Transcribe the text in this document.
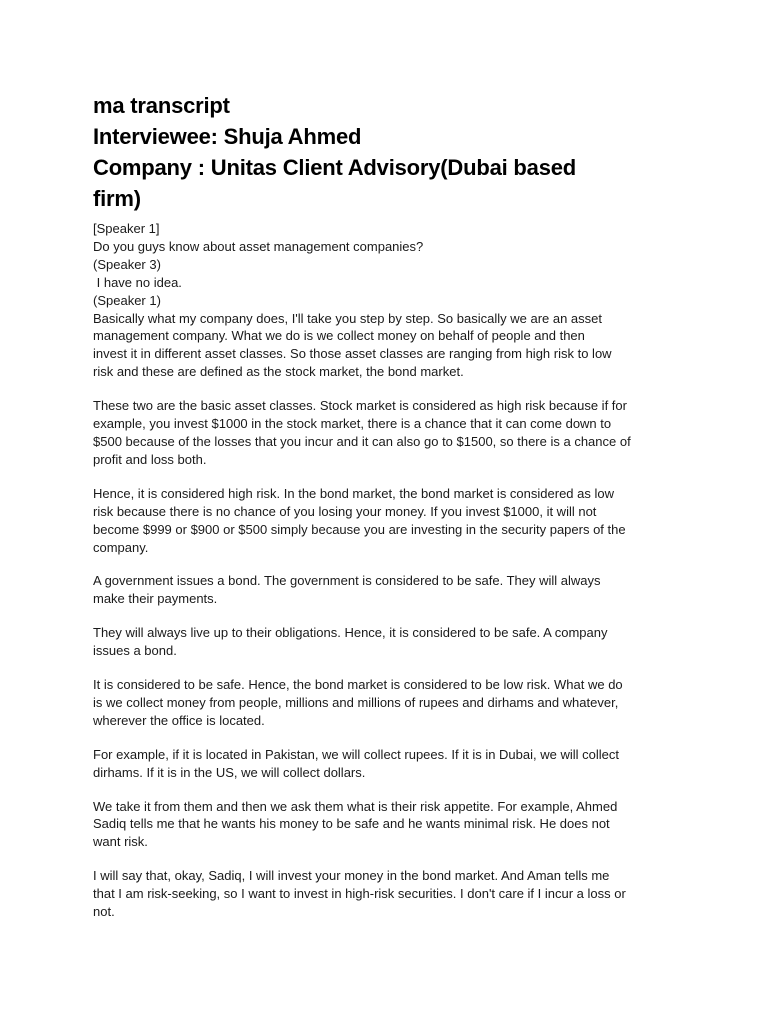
ma transcript
Interviewee: Shuja Ahmed
Company : Unitas Client Advisory(Dubai based
firm)
[Speaker 1]
Do you guys know about asset management companies?
(Speaker 3)
I have no idea.
(Speaker 1)
Basically what my company does, I'll take you step by step. So basically we are an asset
management company. What we do is we collect money on behalf of people and then
invest it in different asset classes. So those asset classes are ranging from high risk to low
risk and these are defined as the stock market, the bond market.
These two are the basic asset classes. Stock market is considered as high risk because if for
example, you invest $1000 in the stock market, there is a chance that it can come down to
$500 because of the losses that you incur and it can also go to $1500, so there is a chance of
profit and loss both.
Hence, it is considered high risk. In the bond market, the bond market is considered as low
risk because there is no chance of you losing your money. If you invest $1000, it will not
become $999 or $900 or $500 simply because you are investing in the security papers of the
company.
A government issues a bond. The government is considered to be safe. They will always
make their payments.
They will always live up to their obligations. Hence, it is considered to be safe. A company
issues a bond.
It is considered to be safe. Hence, the bond market is considered to be low risk. What we do
is we collect money from people, millions and millions of rupees and dirhams and whatever,
wherever the office is located.
For example, if it is located in Pakistan, we will collect rupees. If it is in Dubai, we will collect
dirhams. If it is in the US, we will collect dollars.
We take it from them and then we ask them what is their risk appetite. For example, Ahmed
Sadiq tells me that he wants his money to be safe and he wants minimal risk. He does not
want risk.
I will say that, okay, Sadiq, I will invest your money in the bond market. And Aman tells me
that I am risk-seeking, so I want to invest in high-risk securities. I don't care if I incur a loss or
not.
